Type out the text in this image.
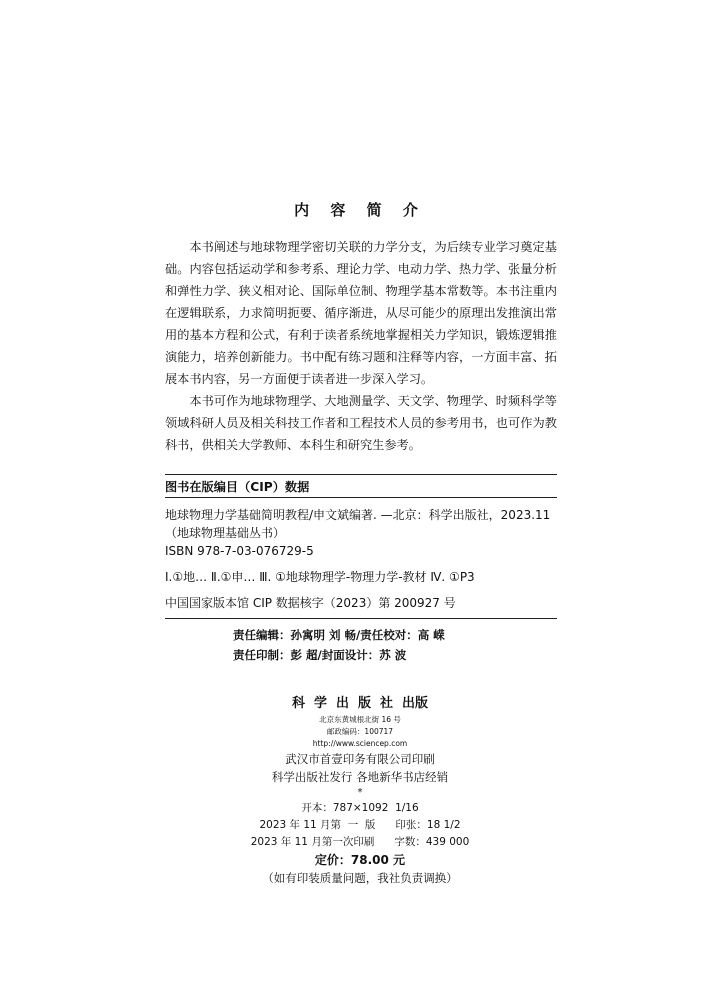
内 容 简 介

本书阐述与地球物理学密切关联的力学分支，为后续专业学习奠定基础。内容包括运动学和参考系、理论力学、电动力学、热力学、张量分析和弹性力学、狭义相对论、国际单位制、物理学基本常数等。本书注重内在逻辑联系，力求简明扼要、循序渐进，从尽可能少的原理出发推演出常用的基本方程和公式，有利于读者系统地掌握相关力学知识，锻炼逻辑推演能力，培养创新能力。书中配有练习题和注释等内容，一方面丰富、拓展本书内容，另一方面便于读者进一步深入学习。

本书可作为地球物理学、大地测量学、天文学、物理学、时频科学等领域科研人员及相关科技工作者和工程技术人员的参考用书，也可作为教科书，供相关大学教师、本科生和研究生参考。

图书在版编目（CIP）数据
地球物理力学基础简明教程/申文斌编著. —北京：科学出版社，2023.11
（地球物理基础丛书）
ISBN 978-7-03-076729-5
Ⅰ.①地… Ⅱ.①申… Ⅲ. ①地球物理学-物理力学-教材 Ⅳ. ①P3
中国国家版本馆 CIP 数据核字（2023）第 200927 号
责任编辑：孙寓明 刘 畅/责任校对：高 嵘
责任印制：彭 超/封面设计：苏 波
科学出版社出版
北京东黄城根北街 16 号
邮政编码：100717
http://www.sciencep.com
武汉市首壹印务有限公司印刷
科学出版社发行 各地新华书店经销
*
开本：787×1092  1/16
2023 年 11 月第  一  版      印张：18 1/2
2023 年 11 月第一次印刷      字数：439 000
定价：78.00 元
（如有印装质量问题，我社负责调换）
